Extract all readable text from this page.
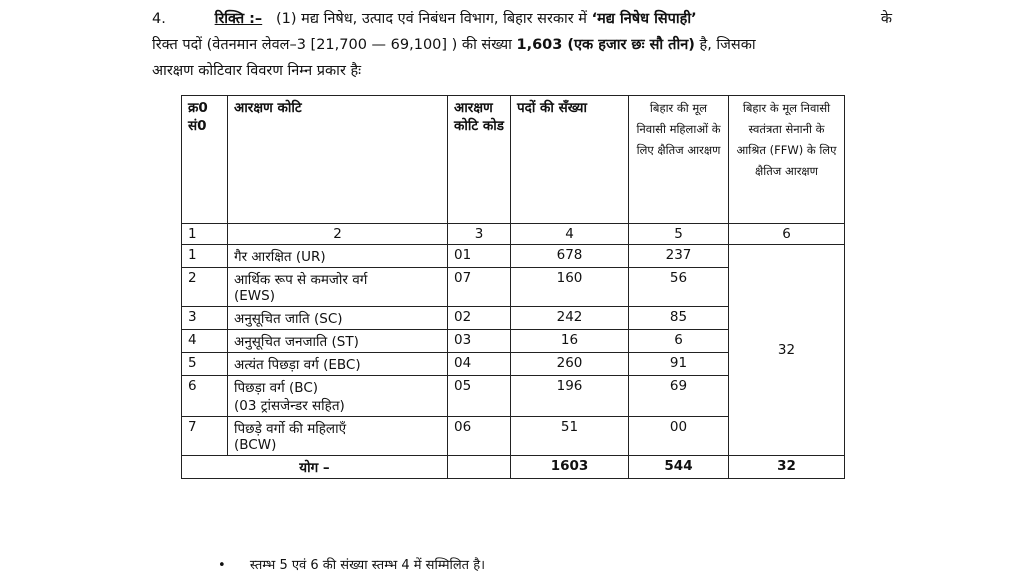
4.	रिक्ति :– (1) मद्य निषेध, उत्पाद एवं निबंधन विभाग, बिहार सरकार में ‘मद्य निषेध सिपाही’	के
रिक्त पदों (वेतनमान लेवल–3 [21,700 — 69,100] ) की संख्या 1,603 (एक हजार छः सौ तीन) है, जिसका
आरक्षण कोटिवार विवरण निम्न प्रकार हैः
क्र0 सं0	आरक्षण कोटि	आरक्षण कोटि कोड	पदों की सँख्या	बिहार की मूल निवासी महिलाओं के लिए क्षैतिज आरक्षण	बिहार के मूल निवासी स्वतंत्रता सेनानी के आश्रित (FFW) के लिए क्षैतिज आरक्षण
1	2	3	4	5	6
1	गैर आरक्षित (UR)	01	678	237	32
2	आर्थिक रूप से कमजोर वर्ग
(EWS)	07	160	56	
3	अनुसूचित जाति (SC)	02	242	85	
4	अनुसूचित जनजाति (ST)	03	16	6	
5	अत्यंत पिछड़ा वर्ग (EBC)	04	260	91	
6	पिछड़ा वर्ग (BC)
(03 ट्रांसजेन्डर सहित)	05	196	69	
7	पिछड़े वर्गो की महिलाएँ
(BCW)	06	51	00	
योग –			1603	544	32
• स्तम्भ 5 एवं 6 की संख्या स्तम्भ 4 में सम्मिलित है।
